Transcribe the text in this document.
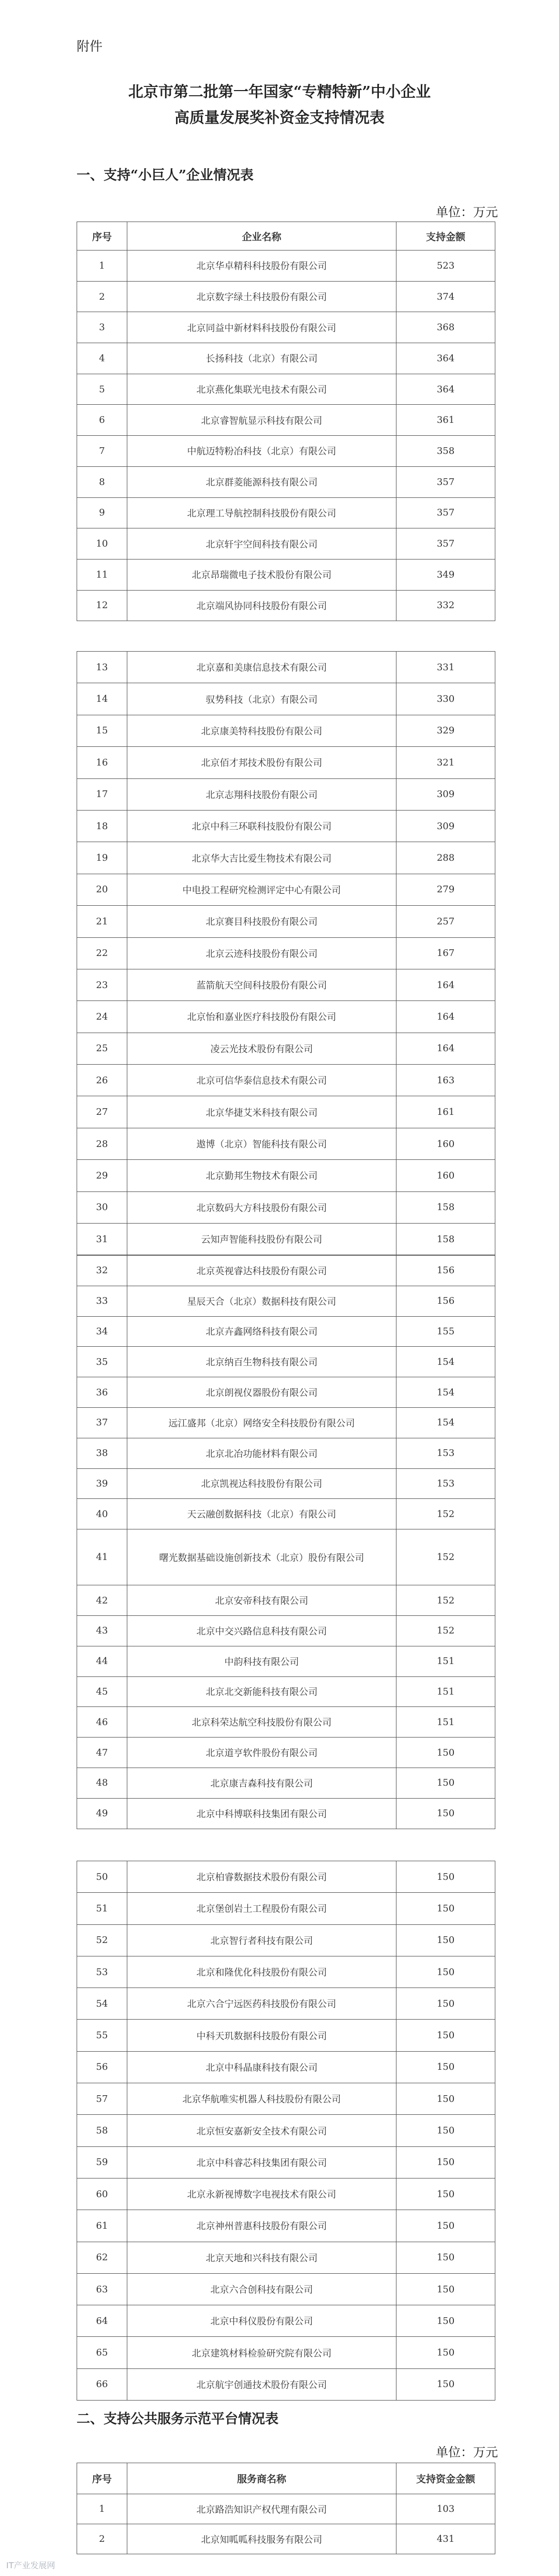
附件
北京市第二批第一年国家“专精特新”中小企业
高质量发展奖补资金支持情况表
一、支持“小巨人”企业情况表
单位：万元
序号	企业名称	支持金额
1	北京华卓精科科技股份有限公司	523
2	北京数字绿土科技股份有限公司	374
3	北京同益中新材料科技股份有限公司	368
4	长扬科技（北京）有限公司	364
5	北京燕化集联光电技术有限公司	364
6	北京睿智航显示科技有限公司	361
7	中航迈特粉冶科技（北京）有限公司	358
8	北京群菱能源科技有限公司	357
9	北京理工导航控制科技股份有限公司	357
10	北京轩宇空间科技有限公司	357
11	北京昂瑞微电子技术股份有限公司	349
12	北京端风协同科技股份有限公司	332
13	北京嘉和美康信息技术有限公司	331
14	驭势科技（北京）有限公司	330
15	北京康美特科技股份有限公司	329
16	北京佰才邦技术股份有限公司	321
17	北京志翔科技股份有限公司	309
18	北京中科三环联科技股份有限公司	309
19	北京华大吉比爱生物技术有限公司	288
20	中电投工程研究检测评定中心有限公司	279
21	北京赛目科技股份有限公司	257
22	北京云迹科技股份有限公司	167
23	蓝箭航天空间科技股份有限公司	164
24	北京怡和嘉业医疗科技股份有限公司	164
25	凌云光技术股份有限公司	164
26	北京可信华泰信息技术有限公司	163
27	北京华捷艾米科技有限公司	161
28	遨博（北京）智能科技有限公司	160
29	北京勤邦生物技术有限公司	160
30	北京数码大方科技股份有限公司	158
31	云知声智能科技股份有限公司	158
32	北京英视睿达科技股份有限公司	156
33	星辰天合（北京）数据科技有限公司	156
34	北京卉鑫网络科技有限公司	155
35	北京纳百生物科技有限公司	154
36	北京朗视仪器股份有限公司	154
37	远江盛邦（北京）网络安全科技股份有限公司	154
38	北京北冶功能材料有限公司	153
39	北京凯视达科技股份有限公司	153
40	天云融创数据科技（北京）有限公司	152
41	曙光数据基础设施创新技术（北京）股份有限公司	152
42	北京安帝科技有限公司	152
43	北京中交兴路信息科技有限公司	152
44	中韵科技有限公司	151
45	北京北交新能科技有限公司	151
46	北京科荣达航空科技股份有限公司	151
47	北京道亨软件股份有限公司	150
48	北京康吉森科技有限公司	150
49	北京中科博联科技集团有限公司	150
50	北京柏睿数据技术股份有限公司	150
51	北京堡创岩土工程股份有限公司	150
52	北京智行者科技有限公司	150
53	北京和隆优化科技股份有限公司	150
54	北京六合宁远医药科技股份有限公司	150
55	中科天玑数据科技股份有限公司	150
56	北京中科晶康科技有限公司	150
57	北京华航唯实机器人科技股份有限公司	150
58	北京恒安嘉新安全技术有限公司	150
59	北京中科睿芯科技集团有限公司	150
60	北京永新视博数字电视技术有限公司	150
61	北京神州普惠科技股份有限公司	150
62	北京天地和兴科技有限公司	150
63	北京六合创科技有限公司	150
64	北京中科仪股份有限公司	150
65	北京建筑材料检验研究院有限公司	150
66	北京航宇创通技术股份有限公司	150
二、支持公共服务示范平台情况表
单位：万元
序号	服务商名称	支持资金金额
1	北京路浩知识产权代理有限公司	103
2	北京知呱呱科技服务有限公司	431
IT产业发展网
